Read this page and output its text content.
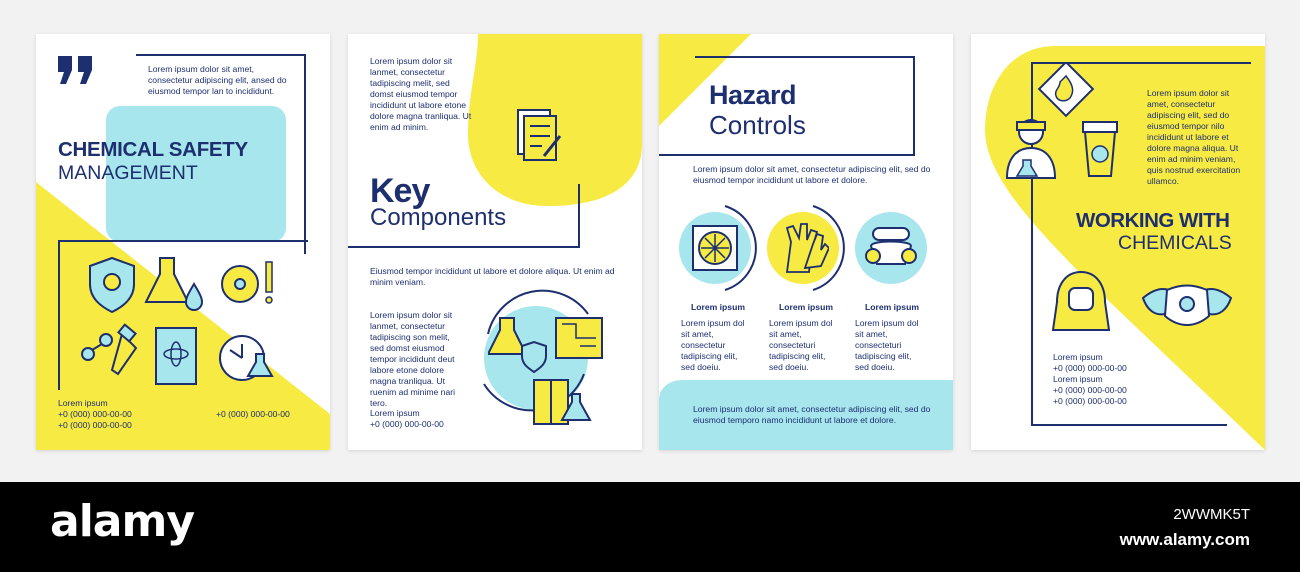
Lorem ipsum dolor sit amet, consectetur adipiscing elit, ansed do eiusmod tempor lan to incididunt.
CHEMICAL SAFETY
MANAGEMENT
Lorem ipsum
+0 (000) 000-00-00
+0 (000) 000-00-00
+0 (000) 000-00-00
Lorem ipsum dolor sit lanmet, consectetur tadipiscing melit, sed domst eiusmod tempor incididunt ut labore etone dolore magna tranliqua. Ut enim ad minim.
Key
Components
Eiusmod tempor incididunt ut labore et dolore aliqua. Ut enim ad minim veniam.
Lorem ipsum dolor sit lanmet, consectetur tadipiscing son melit, sed domst eiusmod tempor incididunt deut labore etone dolore magna tranliqua. Ut ruenim ad minime nari tero.
Lorem ipsum
+0 (000) 000-00-00
Hazard
Controls
Lorem ipsum dolor sit amet, consectetur adipiscing elit, sed do eiusmod tempor incididunt ut labore et dolore.
Lorem ipsum
Lorem ipsum dol sit amet, consectetur tadipiscing elit, sed doeiu.
Lorem ipsum
Lorem ipsum dol sit amet, consecteturi tadipiscing elit, sed doeiu.
Lorem ipsum
Lorem ipsum dol sit amet, consecteturi tadipiscing elit, sed doeiu.
Lorem ipsum dolor sit amet, consectetur adipiscing elit, sed do eiusmod temporo namo incididunt ut labore et dolore.
Lorem ipsum dolor sit amet, consectetur adipiscing elit, sed do eiusmod tempor nilo incididunt ut labore et dolore magna aliqua. Ut enim ad minim veniam, quis nostrud exercitation ullamco.
WORKING WITH
CHEMICALS
Lorem ipsum
+0 (000) 000-00-00
Lorem ipsum
+0 (000) 000-00-00
+0 (000) 000-00-00
alamy	2WWMK5T
www.alamy.com
